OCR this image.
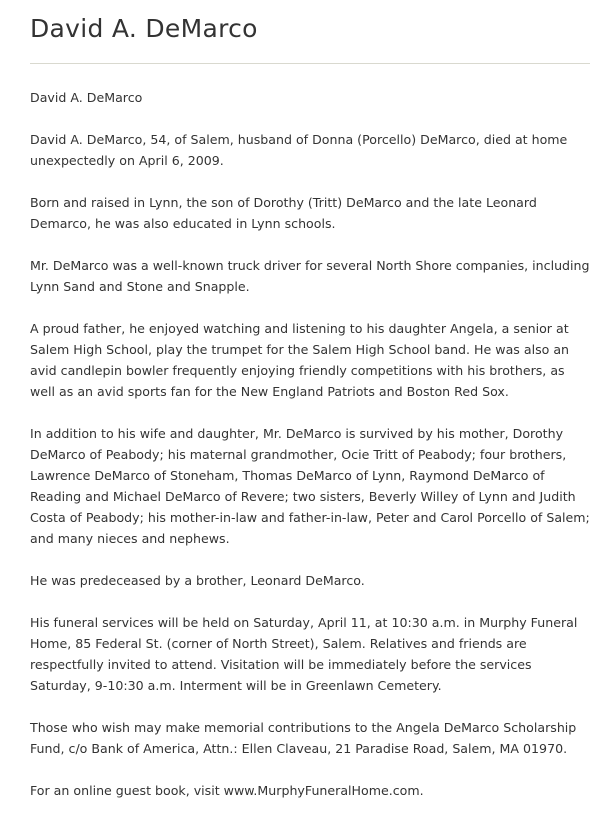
David A. DeMarco

David A. DeMarco

David A. DeMarco, 54, of Salem, husband of Donna (Porcello) DeMarco, died at home unexpectedly on April 6, 2009.

Born and raised in Lynn, the son of Dorothy (Tritt) DeMarco and the late Leonard Demarco, he was also educated in Lynn schools.

Mr. DeMarco was a well-known truck driver for several North Shore companies, including Lynn Sand and Stone and Snapple.

A proud father, he enjoyed watching and listening to his daughter Angela, a senior at Salem High School, play the trumpet for the Salem High School band. He was also an avid candlepin bowler frequently enjoying friendly competitions with his brothers, as well as an avid sports fan for the New England Patriots and Boston Red Sox.

In addition to his wife and daughter, Mr. DeMarco is survived by his mother, Dorothy DeMarco of Peabody; his maternal grandmother, Ocie Tritt of Peabody; four brothers, Lawrence DeMarco of Stoneham, Thomas DeMarco of Lynn, Raymond DeMarco of Reading and Michael DeMarco of Revere; two sisters, Beverly Willey of Lynn and Judith Costa of Peabody; his mother-in-law and father-in-law, Peter and Carol Porcello of Salem; and many nieces and nephews.

He was predeceased by a brother, Leonard DeMarco.

His funeral services will be held on Saturday, April 11, at 10:30 a.m. in Murphy Funeral Home, 85 Federal St. (corner of North Street), Salem. Relatives and friends are respectfully invited to attend. Visitation will be immediately before the services Saturday, 9-10:30 a.m. Interment will be in Greenlawn Cemetery.

Those who wish may make memorial contributions to the Angela DeMarco Scholarship Fund, c/o Bank of America, Attn.: Ellen Claveau, 21 Paradise Road, Salem, MA 01970.

For an online guest book, visit www.MurphyFuneralHome.com.
